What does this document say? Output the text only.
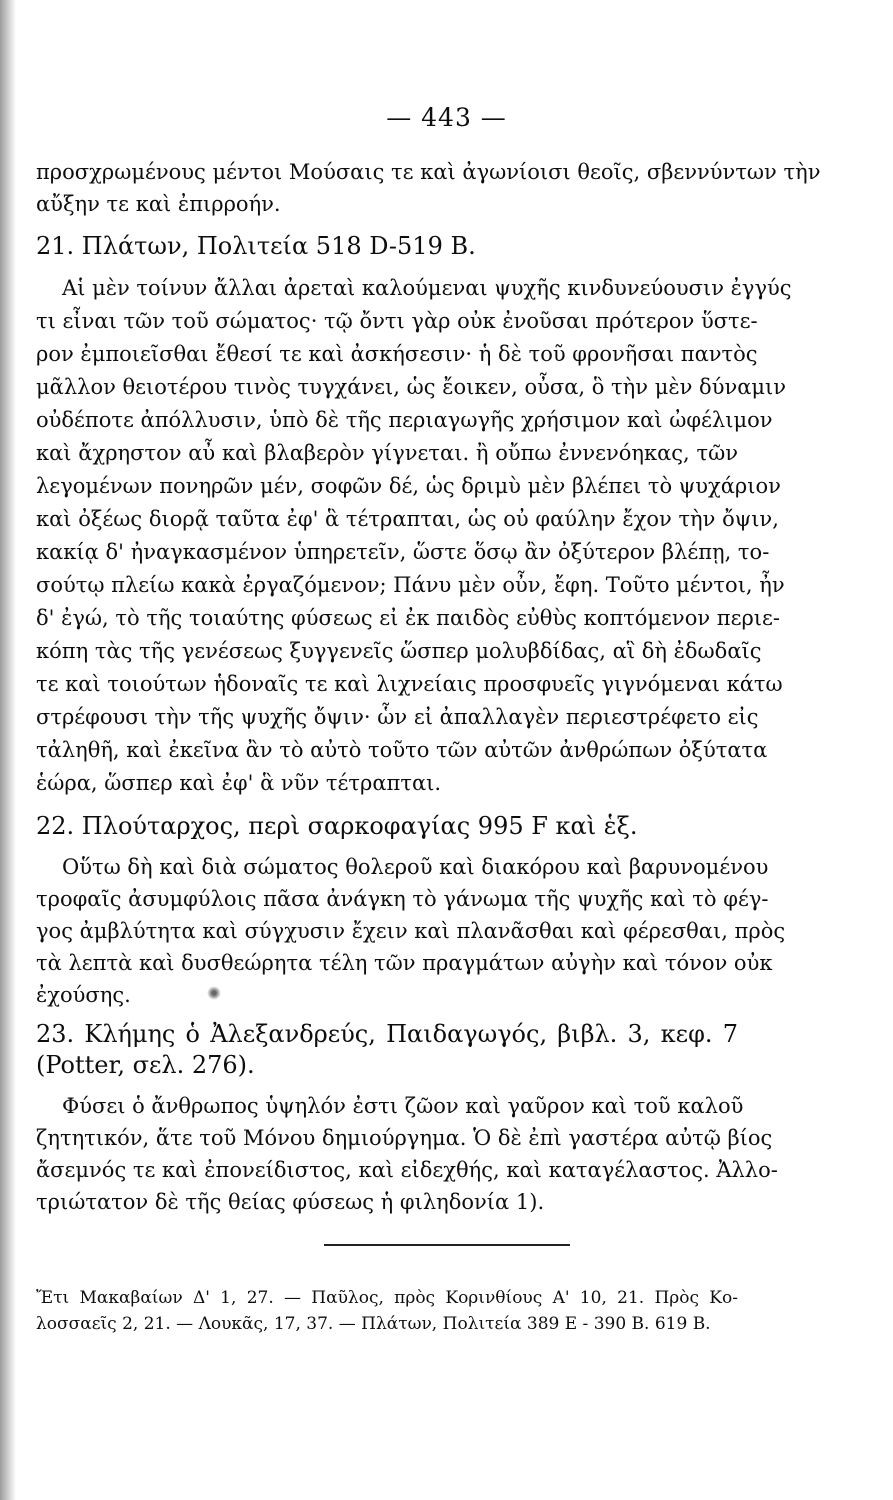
— 443 —
προσχρωμένους μέντοι Μούσαις τε καὶ ἀγωνίοισι θεοῖς, σβεννύντων τὴν
αὔξην τε καὶ ἐπιρροήν.
21. Πλάτων, Πολιτεία 518 D-519 B.
Αἱ μὲν τοίνυν ἄλλαι ἀρεταὶ καλούμεναι ψυχῆς κινδυνεύουσιν ἐγγύς
τι εἶναι τῶν τοῦ σώματος· τῷ ὄντι γὰρ οὐκ ἐνοῦσαι πρότερον ὕστε-
ρον ἐμποιεῖσθαι ἔθεσί τε καὶ ἀσκήσεσιν· ἡ δὲ τοῦ φρονῆσαι παντὸς
μᾶλλον θειοτέρου τινὸς τυγχάνει, ὡς ἔοικεν, οὖσα, ὃ τὴν μὲν δύναμιν
οὐδέποτε ἀπόλλυσιν, ὑπὸ δὲ τῆς περιαγωγῆς χρήσιμον καὶ ὠφέλιμον
καὶ ἄχρηστον αὖ καὶ βλαβερὸν γίγνεται. ἢ οὔπω ἐννενόηκας, τῶν
λεγομένων πονηρῶν μέν, σοφῶν δέ, ὡς δριμὺ μὲν βλέπει τὸ ψυχάριον
καὶ ὀξέως διορᾷ ταῦτα ἐφ' ἃ τέτραπται, ὡς οὐ φαύλην ἔχον τὴν ὄψιν,
κακίᾳ δ' ἠναγκασμένον ὑπηρετεῖν, ὥστε ὅσῳ ἂν ὀξύτερον βλέπῃ, το-
σούτῳ πλείω κακὰ ἐργαζόμενον; Πάνυ μὲν οὖν, ἔφη. Τοῦτο μέντοι, ἦν
δ' ἐγώ, τὸ τῆς τοιαύτης φύσεως εἰ ἐκ παιδὸς εὐθὺς κοπτόμενον περιε-
κόπη τὰς τῆς γενέσεως ξυγγενεῖς ὥσπερ μολυβδίδας, αἳ δὴ ἐδωδαῖς
τε καὶ τοιούτων ἡδοναῖς τε καὶ λιχνείαις προσφυεῖς γιγνόμεναι κάτω
στρέφουσι τὴν τῆς ψυχῆς ὄψιν· ὧν εἰ ἀπαλλαγὲν περιεστρέφετο εἰς
τἀληθῆ, καὶ ἐκεῖνα ἂν τὸ αὐτὸ τοῦτο τῶν αὐτῶν ἀνθρώπων ὀξύτατα
ἑώρα, ὥσπερ καὶ ἐφ' ἃ νῦν τέτραπται.
22. Πλούταρχος, περὶ σαρκοφαγίας 995 F καὶ ἑξ.
Οὕτω δὴ καὶ διὰ σώματος θολεροῦ καὶ διακόρου καὶ βαρυνομένου
τροφαῖς ἀσυμφύλοις πᾶσα ἀνάγκη τὸ γάνωμα τῆς ψυχῆς καὶ τὸ φέγ-
γος ἀμβλύτητα καὶ σύγχυσιν ἔχειν καὶ πλανᾶσθαι καὶ φέρεσθαι, πρὸς
τὰ λεπτὰ καὶ δυσθεώρητα τέλη τῶν πραγμάτων αὐγὴν καὶ τόνον οὐκ
ἐχούσης.
23. Κλήμης ὁ Ἀλεξανδρεύς, Παιδαγωγός, βιβλ. 3, κεφ. 7
(Potter, σελ. 276).
Φύσει ὁ ἄνθρωπος ὑψηλόν ἐστι ζῶον καὶ γαῦρον καὶ τοῦ καλοῦ
ζητητικόν, ἅτε τοῦ Μόνου δημιούργημα. Ὁ δὲ ἐπὶ γαστέρα αὐτῷ βίος
ἄσεμνός τε καὶ ἐπονείδιστος, καὶ εἰδεχθής, καὶ καταγέλαστος. Ἀλλο-
τριώτατον δὲ τῆς θείας φύσεως ἡ φιληδονία 1).
Ἔτι Μακαβαίων Δ' 1, 27. — Παῦλος, πρὸς Κορινθίους Α' 10, 21. Πρὸς Κο-
λοσσαεῖς 2, 21. — Λουκᾶς, 17, 37. — Πλάτων, Πολιτεία 389 E - 390 B. 619 B.
